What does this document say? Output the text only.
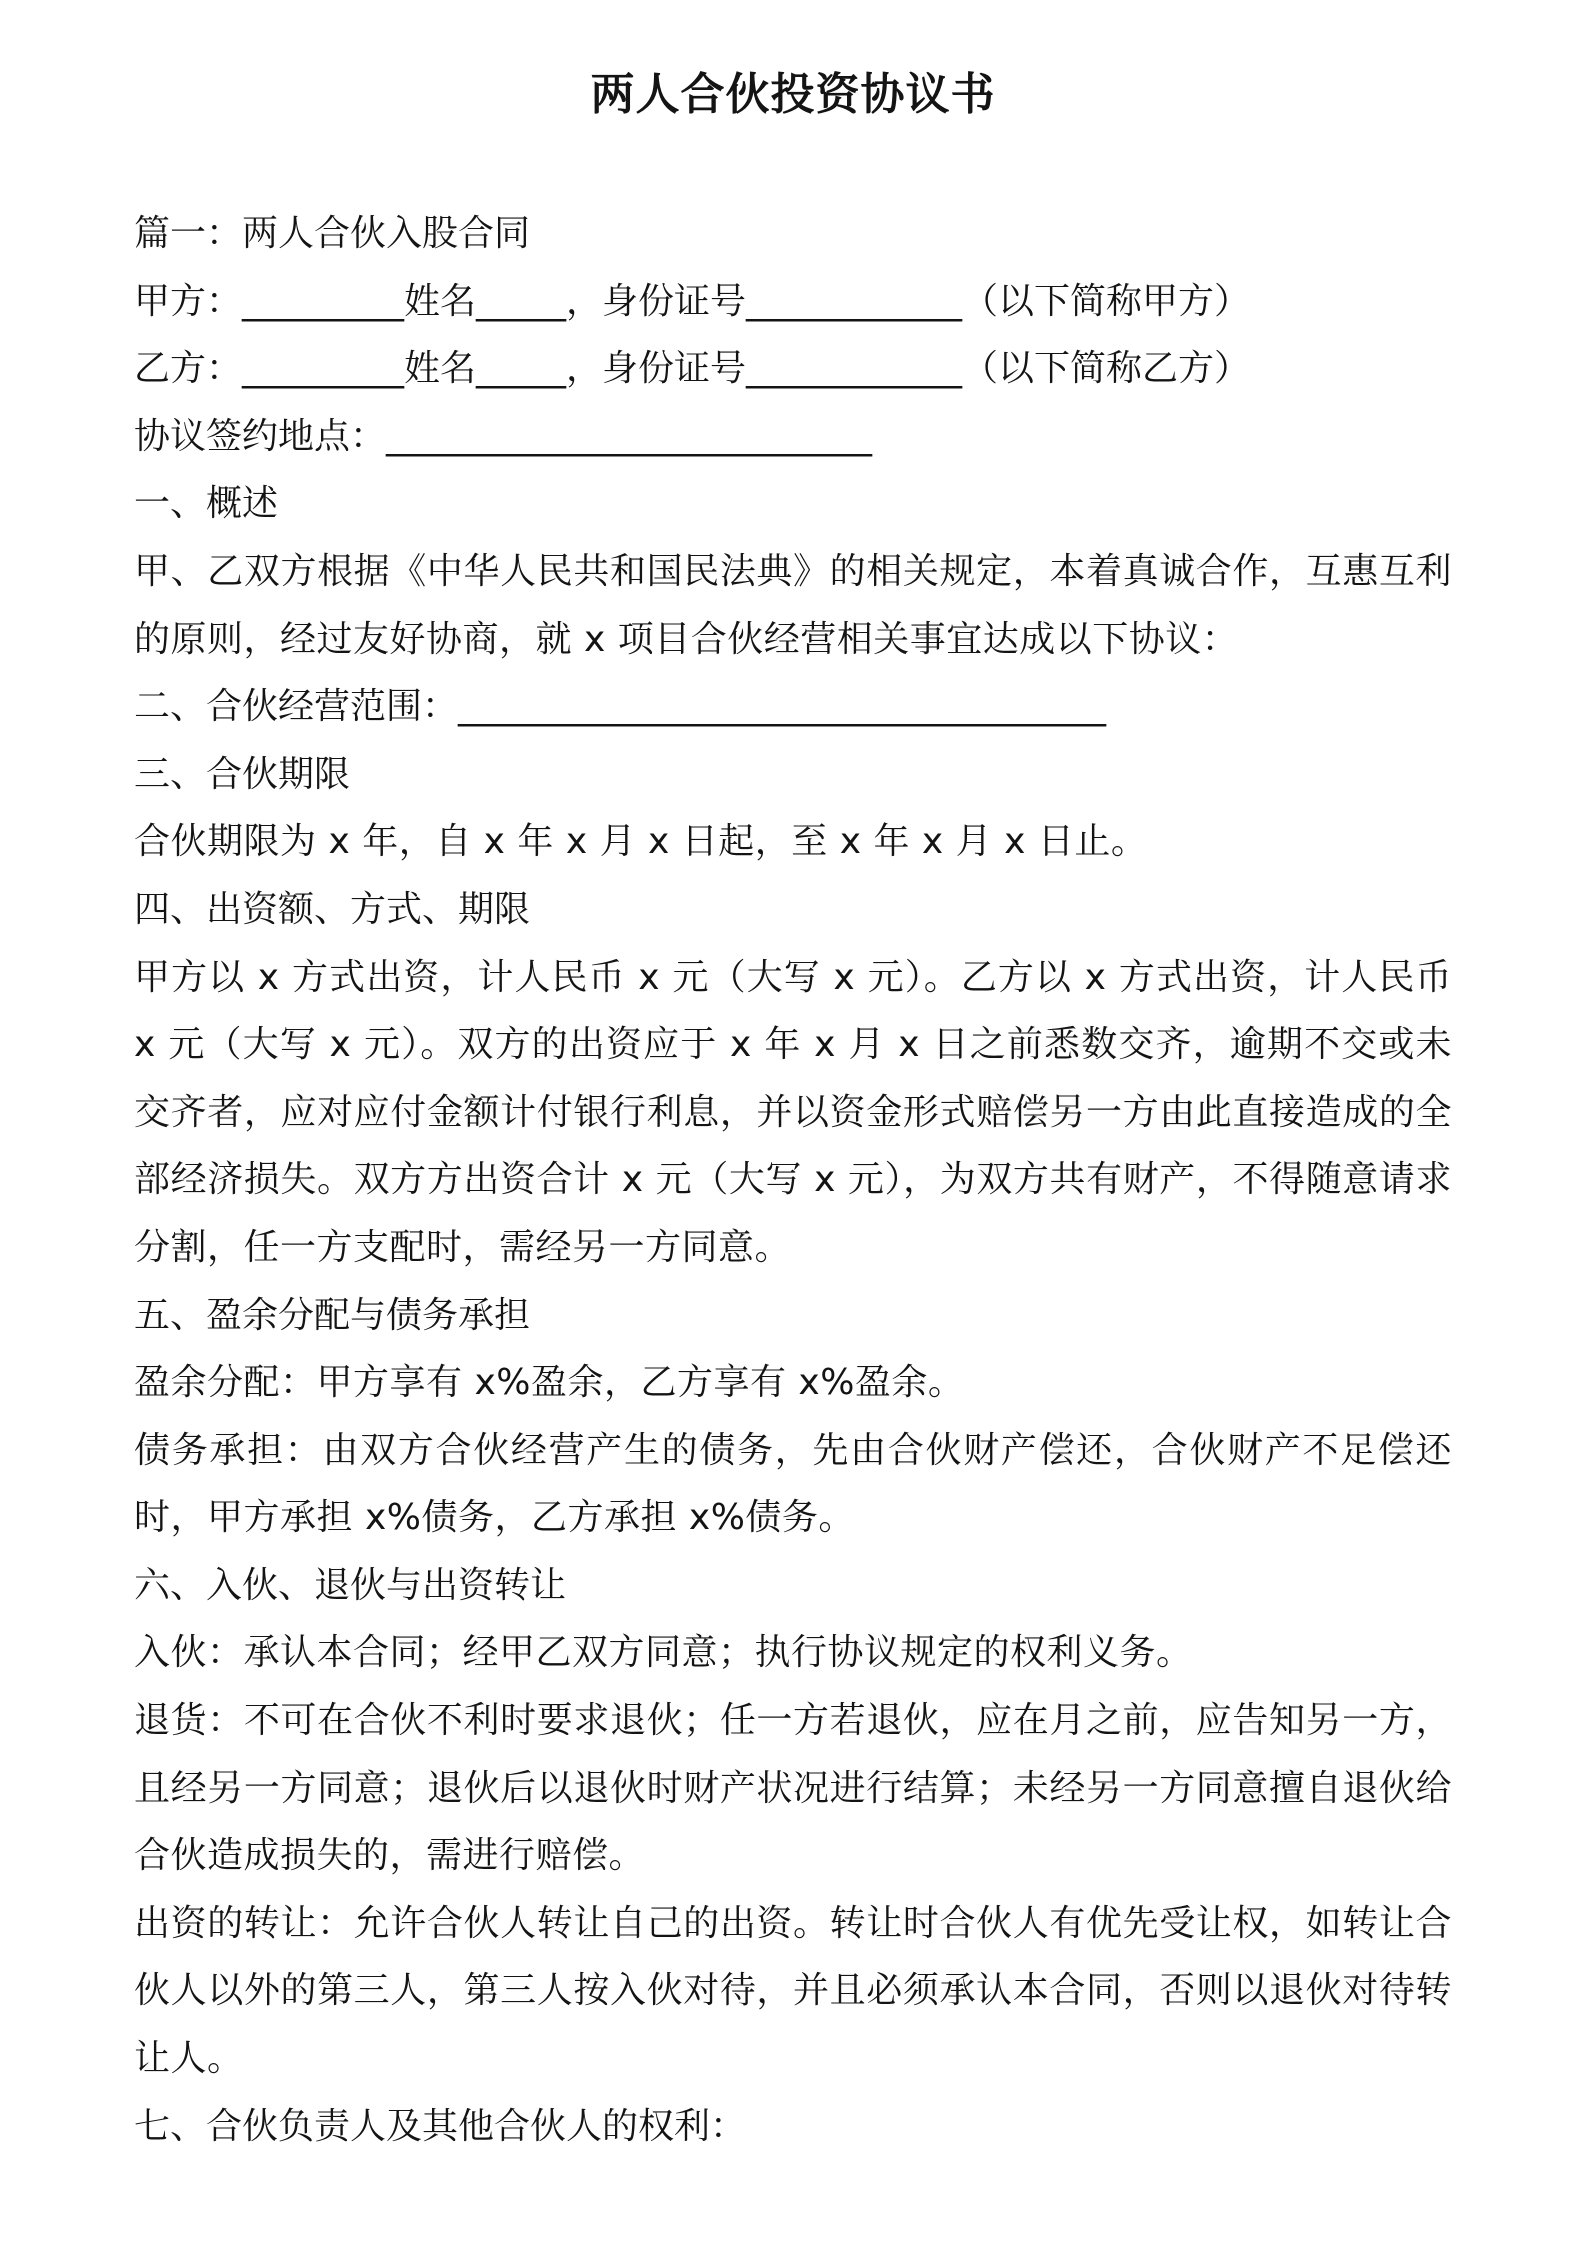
两人合伙投资协议书

篇一：两人合伙入股合同

甲方：_________姓名_____，身份证号____________（以下简称甲方）

乙方：_________姓名_____，身份证号____________（以下简称乙方）

协议签约地点：___________________________

一、概述

甲、乙双方根据《中华人民共和国民法典》的相关规定，本着真诚合作，互惠互利的原则，经过友好协商，就 x 项目合伙经营相关事宜达成以下协议：

二、合伙经营范围：____________________________________

三、合伙期限

合伙期限为 x 年，自 x 年 x 月 x 日起，至 x 年 x 月 x 日止。

四、出资额、方式、期限

甲方以 x 方式出资，计人民币 x 元（大写 x 元）。乙方以 x 方式出资，计人民币 x 元（大写 x 元）。双方的出资应于 x 年 x 月 x 日之前悉数交齐，逾期不交或未交齐者，应对应付金额计付银行利息，并以资金形式赔偿另一方由此直接造成的全部经济损失。双方方出资合计 x 元（大写 x 元），为双方共有财产，不得随意请求分割，任一方支配时，需经另一方同意。

五、盈余分配与债务承担

盈余分配：甲方享有 x%盈余，乙方享有 x%盈余。

债务承担：由双方合伙经营产生的债务，先由合伙财产偿还，合伙财产不足偿还时，甲方承担 x%债务，乙方承担 x%债务。

六、入伙、退伙与出资转让

入伙：承认本合同；经甲乙双方同意；执行协议规定的权利义务。

退货：不可在合伙不利时要求退伙；任一方若退伙，应在月之前，应告知另一方，且经另一方同意；退伙后以退伙时财产状况进行结算；未经另一方同意擅自退伙给合伙造成损失的，需进行赔偿。

出资的转让：允许合伙人转让自己的出资。转让时合伙人有优先受让权，如转让合伙人以外的第三人，第三人按入伙对待，并且必须承认本合同，否则以退伙对待转让人。

七、合伙负责人及其他合伙人的权利：
